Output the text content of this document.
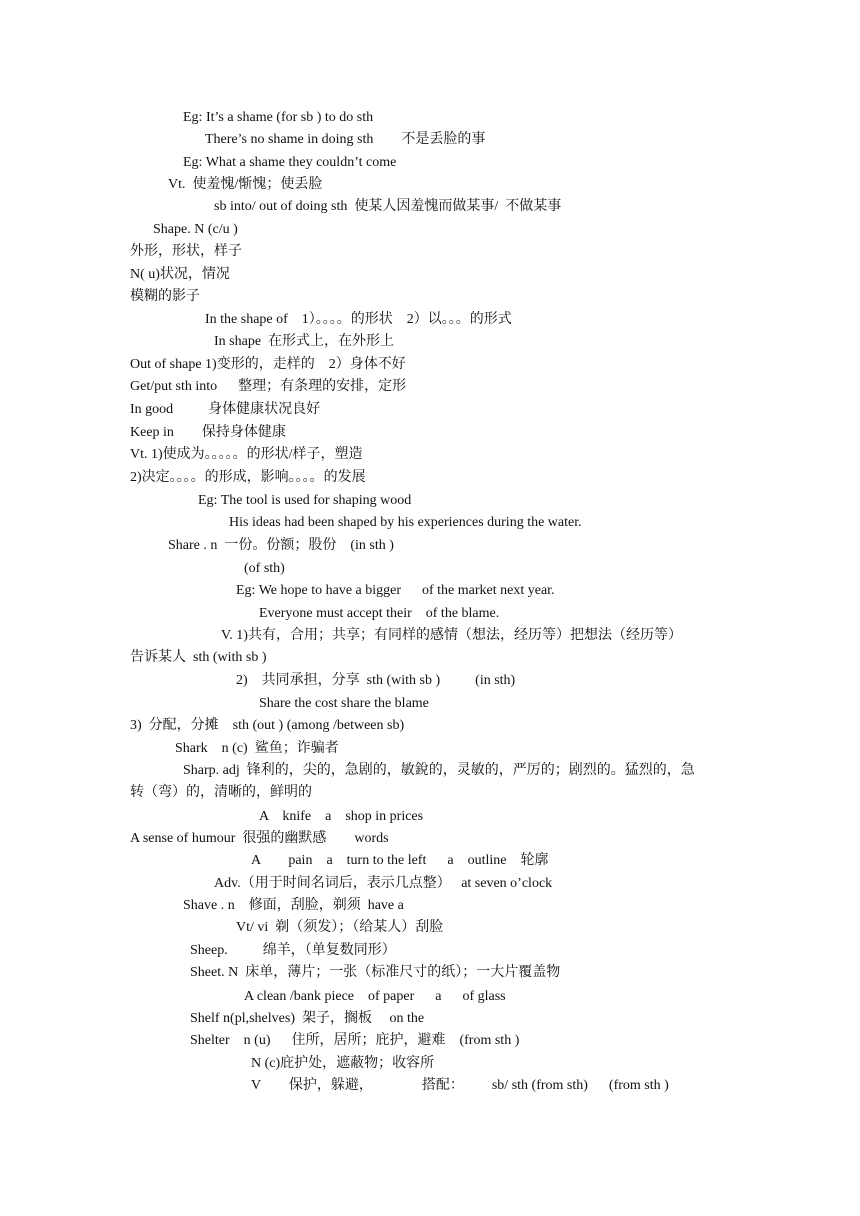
Eg: It’s a shame (for sb ) to do sth
There’s no shame in doing sth        不是丢脸的事
Eg: What a shame they couldn’t come
Vt.  使羞愧/惭愧；使丢脸
sb into/ out of doing sth  使某人因羞愧而做某事/  不做某事
Shape. N (c/u )
外形，形状，样子
N( u)状况，情况
模糊的影子
In the shape of    1）。。。。的形状    2）以。。。的形式
In shape  在形式上，在外形上
Out of shape 1)变形的，走样的    2）身体不好
Get/put sth into      整理；有条理的安排，定形
In good          身体健康状况良好
Keep in        保持身体健康
Vt. 1)使成为。。。。。的形状/样子，塑造
2)决定。。。。的形成，影响。。。。的发展
Eg: The tool is used for shaping wood
His ideas had been shaped by his experiences during the water.
Share . n  一份。份额；股份    (in sth )
(of sth)
Eg: We hope to have a bigger      of the market next year.
Everyone must accept their    of the blame.
V. 1)共有，合用；共享；有同样的感情（想法，经历等）把想法（经历等）
告诉某人  sth (with sb )
2)    共同承担，分享  sth (with sb )          (in sth)
Share the cost share the blame
3)  分配，分摊    sth (out ) (among /between sb)
Shark    n (c)  鲨鱼；诈骗者
Sharp. adj  锋利的，尖的，急剧的，敏銳的，灵敏的，严厉的；剧烈的。猛烈的，急
转（弯）的，清晰的，鲜明的
A    knife    a    shop in prices
A sense of humour  很强的幽默感        words
A        pain    a    turn to the left      a    outline    轮廓
Adv.（用于时间名词后，表示几点整）   at seven o’clock
Shave . n    修面，刮脸，剃须  have a
Vt/ vi  剃（须发）；（给某人）刮脸
Sheep.          绵羊，（单复数同形）
Sheet. N  床单，薄片；一张（标准尺寸的纸）；一大片覆盖物
A clean /bank piece    of paper      a      of glass
Shelf n(pl,shelves)  架子，搁板     on the
Shelter    n (u)      住所，居所；庇护，避难    (from sth )
N (c)庇护处，遮蔽物；收容所
V        保护，躲避，              搭配：        sb/ sth (from sth)      (from sth )
